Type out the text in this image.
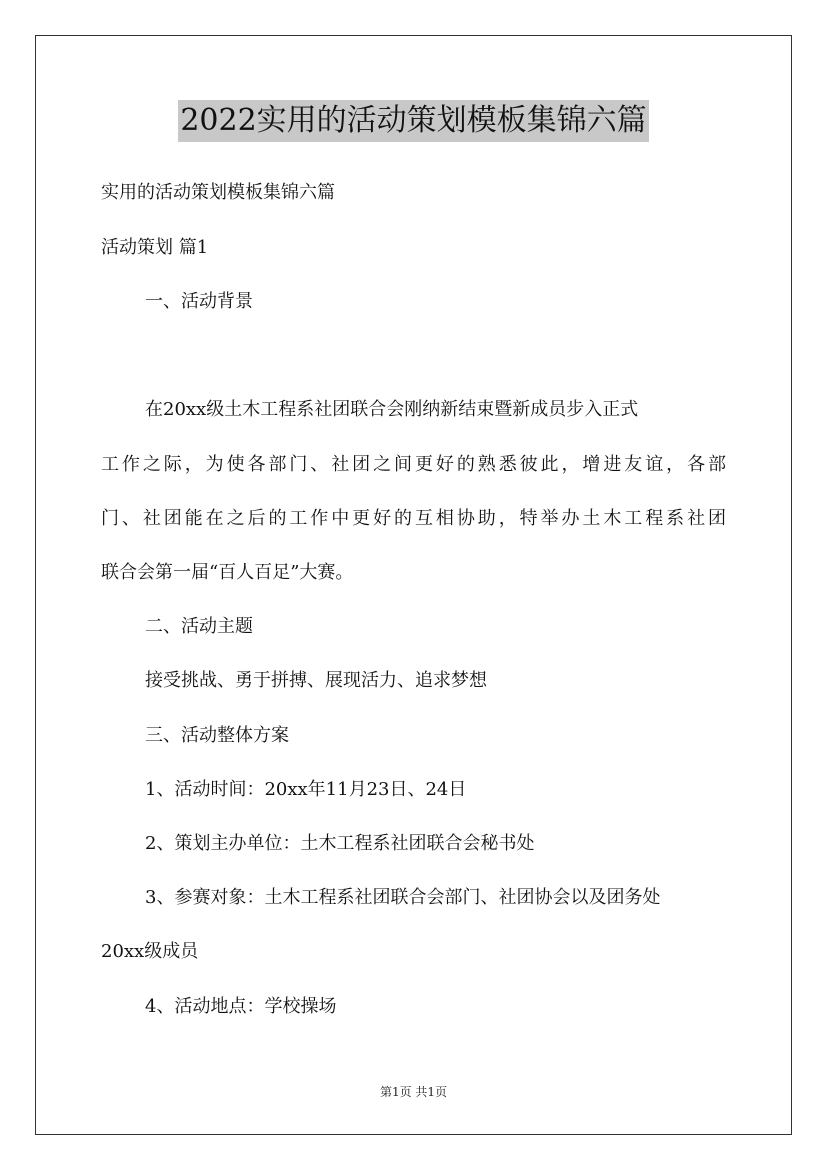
2022实用的活动策划模板集锦六篇
实用的活动策划模板集锦六篇
活动策划 篇1
一、活动背景
在20xx级土木工程系社团联合会刚纳新结束暨新成员步入正式
工作之际，为使各部门、社团之间更好的熟悉彼此，增进友谊，各部
门、社团能在之后的工作中更好的互相协助，特举办土木工程系社团
联合会第一届“百人百足”大赛。
二、活动主题
接受挑战、勇于拼搏、展现活力、追求梦想
三、活动整体方案
1、活动时间：20xx年11月23日、24日
2、策划主办单位：土木工程系社团联合会秘书处
3、参赛对象：土木工程系社团联合会部门、社团协会以及团务处
20xx级成员
4、活动地点：学校操场
第1页 共1页
